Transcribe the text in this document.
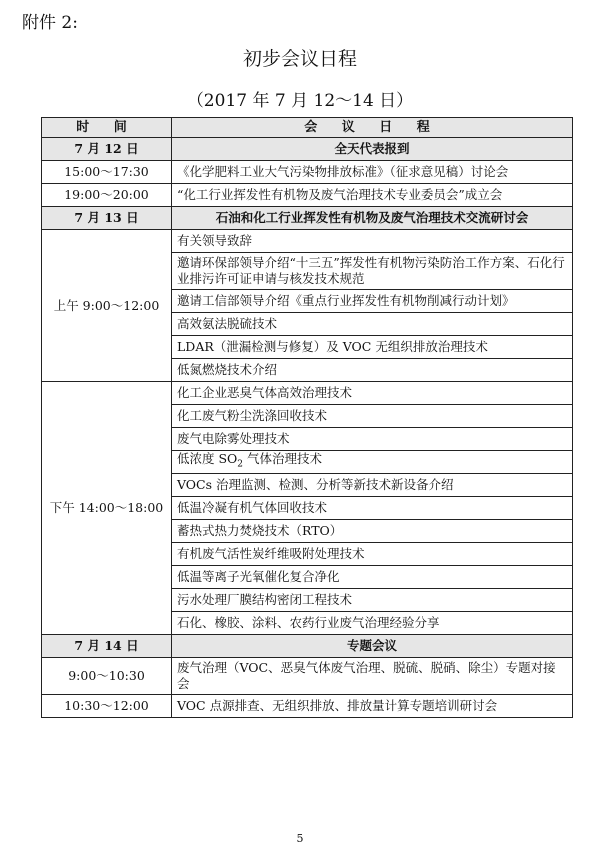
附件 2:
初步会议日程
（2017 年 7 月 12～14 日）
时 间	会 议 日 程
7 月 12 日	全天代表报到
15:00～17:30	《化学肥料工业大气污染物排放标准》（征求意见稿）讨论会
19:00～20:00	“化工行业挥发性有机物及废气治理技术专业委员会”成立会
7 月 13 日	石油和化工行业挥发性有机物及废气治理技术交流研讨会
上午 9:00～12:00	有关领导致辞
	邀请环保部领导介绍“十三五”挥发性有机物污染防治工作方案、石化行业排污许可证申请与核发技术规范
	邀请工信部领导介绍《重点行业挥发性有机物削减行动计划》
	高效氨法脱硫技术
	LDAR（泄漏检测与修复）及 VOC 无组织排放治理技术
	低氮燃烧技术介绍
下午 14:00～18:00	化工企业恶臭气体高效治理技术
	化工废气粉尘洗涤回收技术
	废气电除雾处理技术
	低浓度 $SO_2$ 气体治理技术
	VOCs 治理监测、检测、分析等新技术新设备介绍
	低温冷凝有机气体回收技术
	蓄热式热力焚烧技术（RTO）
	有机废气活性炭纤维吸附处理技术
	低温等离子光氧催化复合净化
	污水处理厂膜结构密闭工程技术
	石化、橡胶、涂料、农药行业废气治理经验分享
7 月 14 日	专题会议
9:00～10:30	废气治理（VOC、恶臭气体废气治理、脱硫、脱硝、除尘）专题对接会
10:30～12:00	VOC 点源排查、无组织排放、排放量计算专题培训研讨会
5
